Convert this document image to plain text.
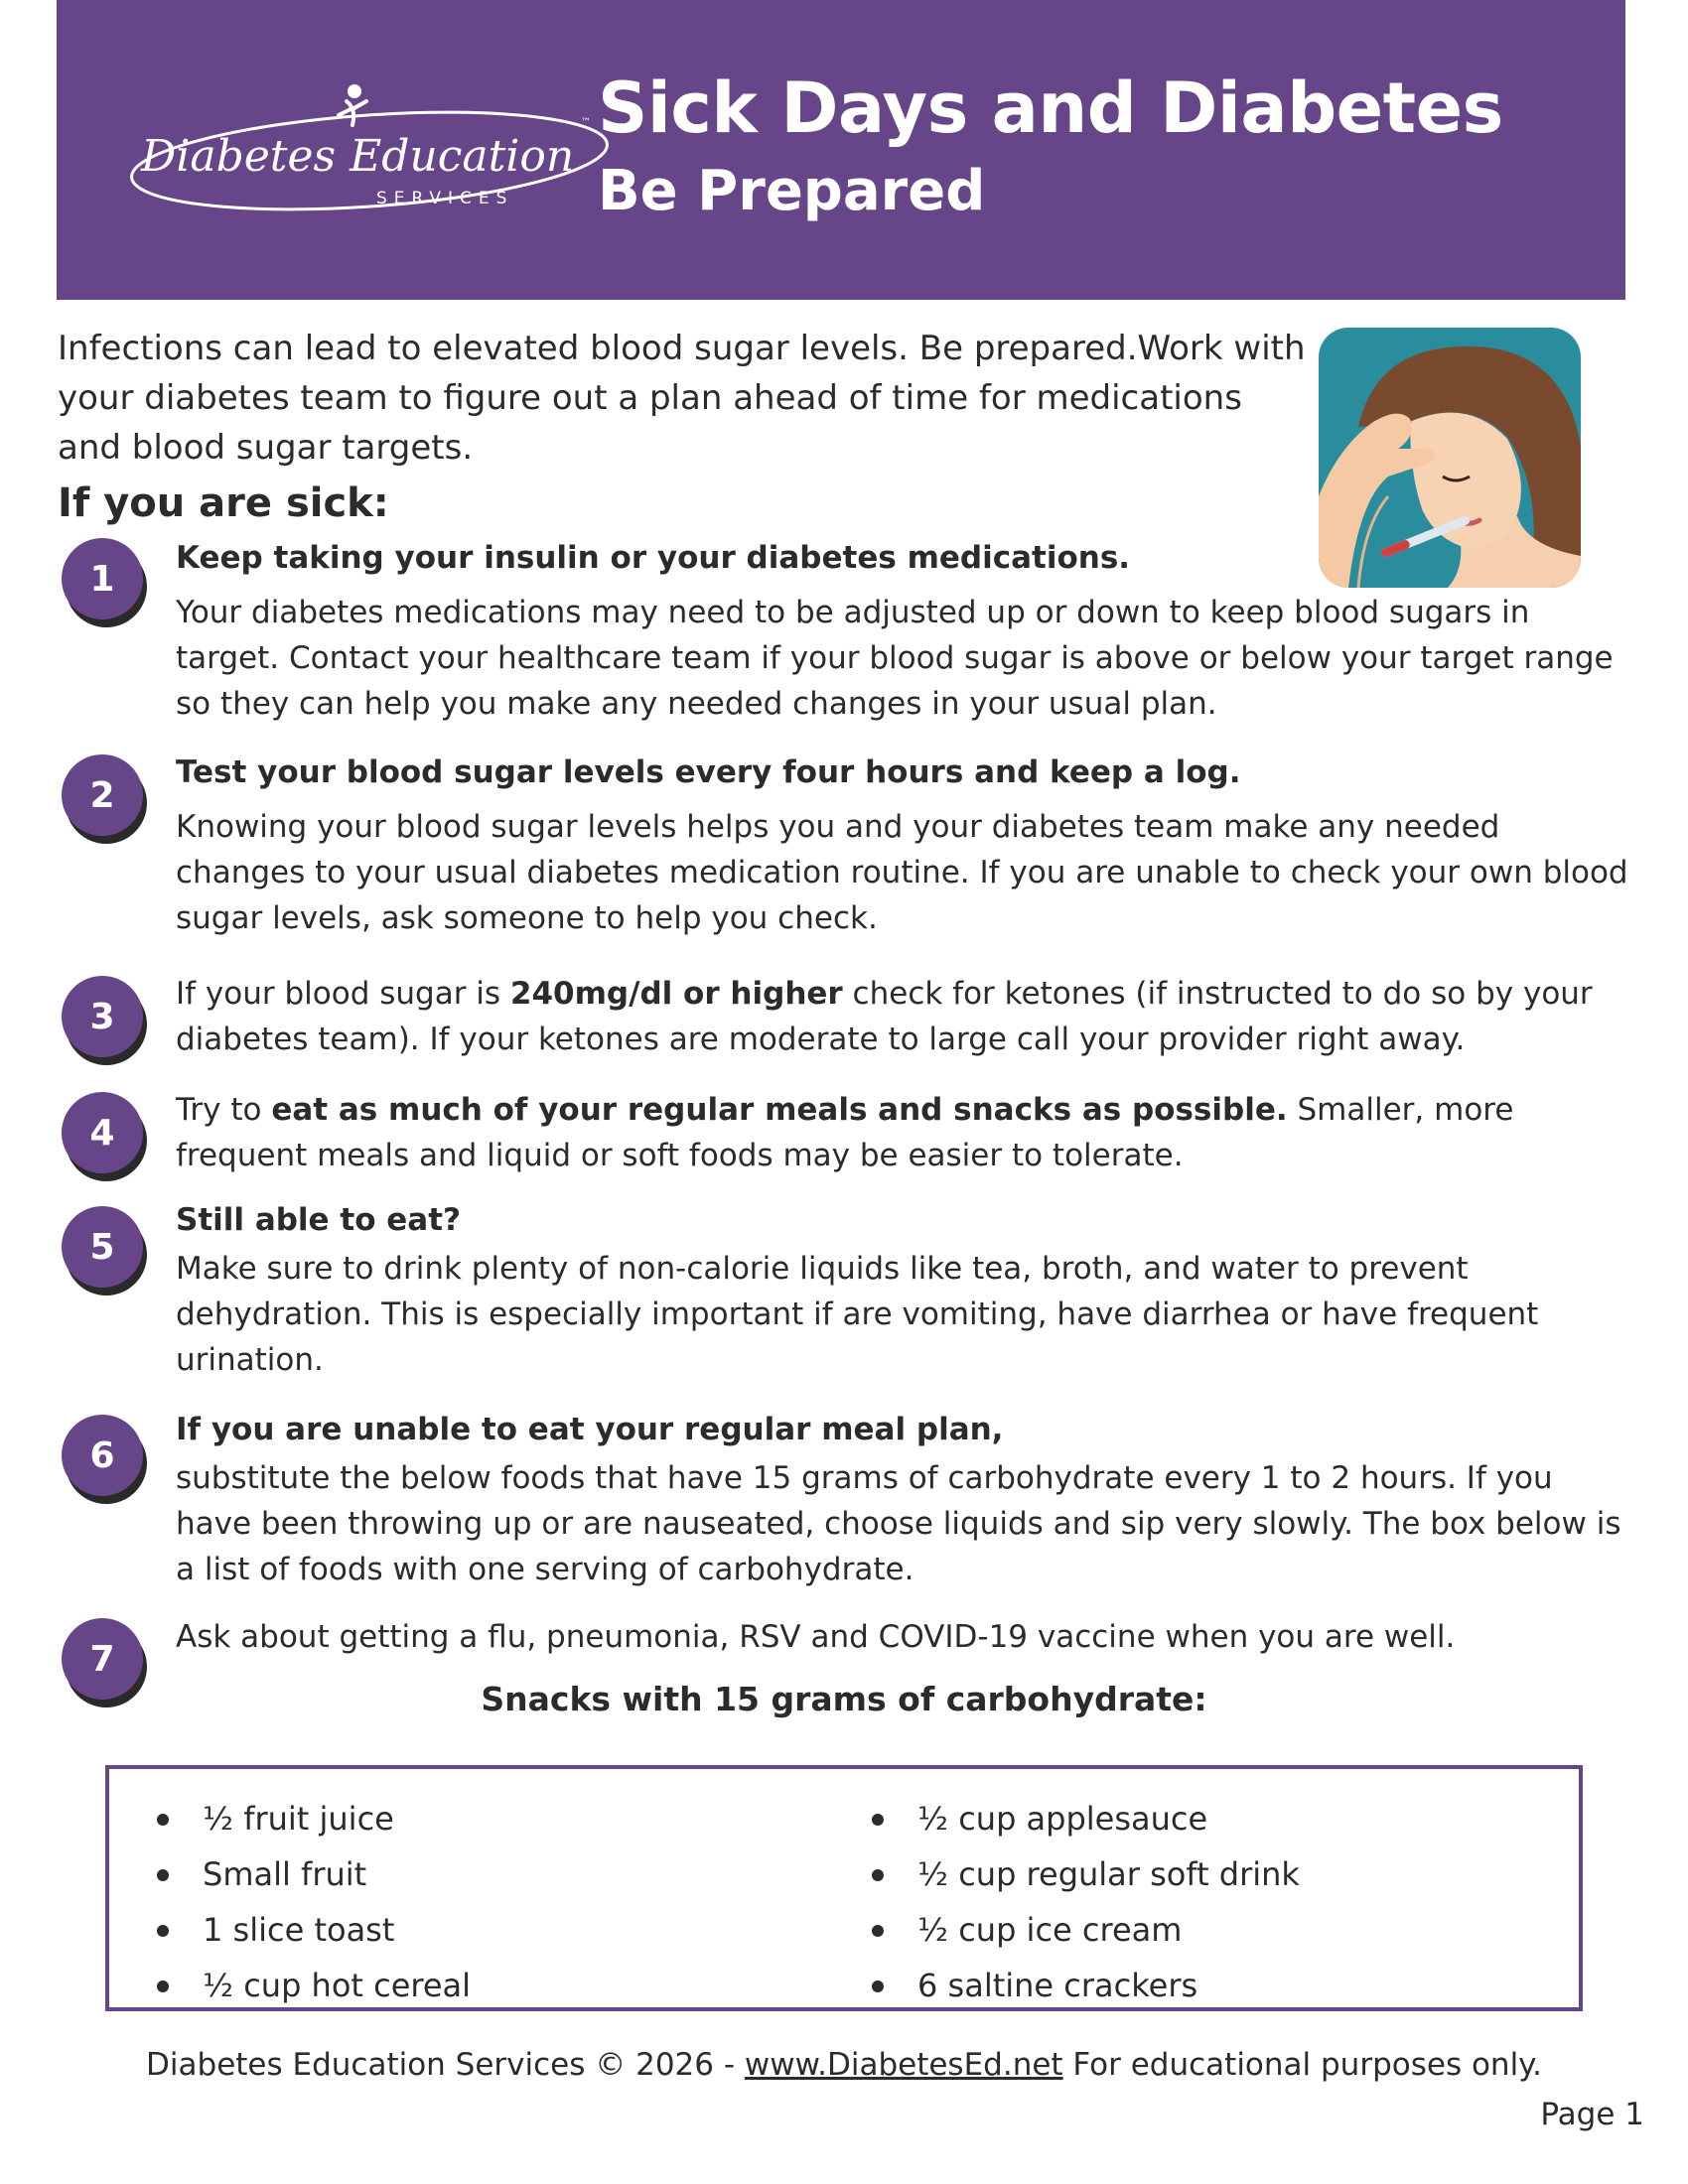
Diabetes Education
SERVICES
™ Sick Days and Diabetes
Be Prepared

Infections can lead to elevated blood sugar levels. Be prepared.Work with your diabetes team to figure out a plan ahead of time for medications and blood sugar targets.

If you are sick:
1
Keep taking your insulin or your diabetes medications.
Your diabetes medications may need to be adjusted up or down to keep blood sugars in target. Contact your healthcare team if your blood sugar is above or below your target range so they can help you make any needed changes in your usual plan.
2
Test your blood sugar levels every four hours and keep a log.
Knowing your blood sugar levels helps you and your diabetes team make any needed changes to your usual diabetes medication routine. If you are unable to check your own blood sugar levels, ask someone to help you check.
3
If your blood sugar is 240mg/dl or higher check for ketones (if instructed to do so by your diabetes team). If your ketones are moderate to large call your provider right away.
4
Try to eat as much of your regular meals and snacks as possible. Smaller, more frequent meals and liquid or soft foods may be easier to tolerate.
5
Still able to eat?
Make sure to drink plenty of non-calorie liquids like tea, broth, and water to prevent dehydration. This is especially important if are vomiting, have diarrhea or have frequent urination.
6
If you are unable to eat your regular meal plan,
substitute the below foods that have 15 grams of carbohydrate every 1 to 2 hours. If you have been throwing up or are nauseated, choose liquids and sip very slowly. The box below is a list of foods with one serving of carbohydrate.
7
Ask about getting a flu, pneumonia, RSV and COVID-19 vaccine when you are well.
Snacks with 15 grams of carbohydrate:
½ fruit juice
Small fruit
1 slice toast
½ cup hot cereal
½ cup applesauce
½ cup regular soft drink
½ cup ice cream
6 saltine crackers
Diabetes Education Services © 2026 - www.DiabetesEd.net For educational purposes only.
Page 1
